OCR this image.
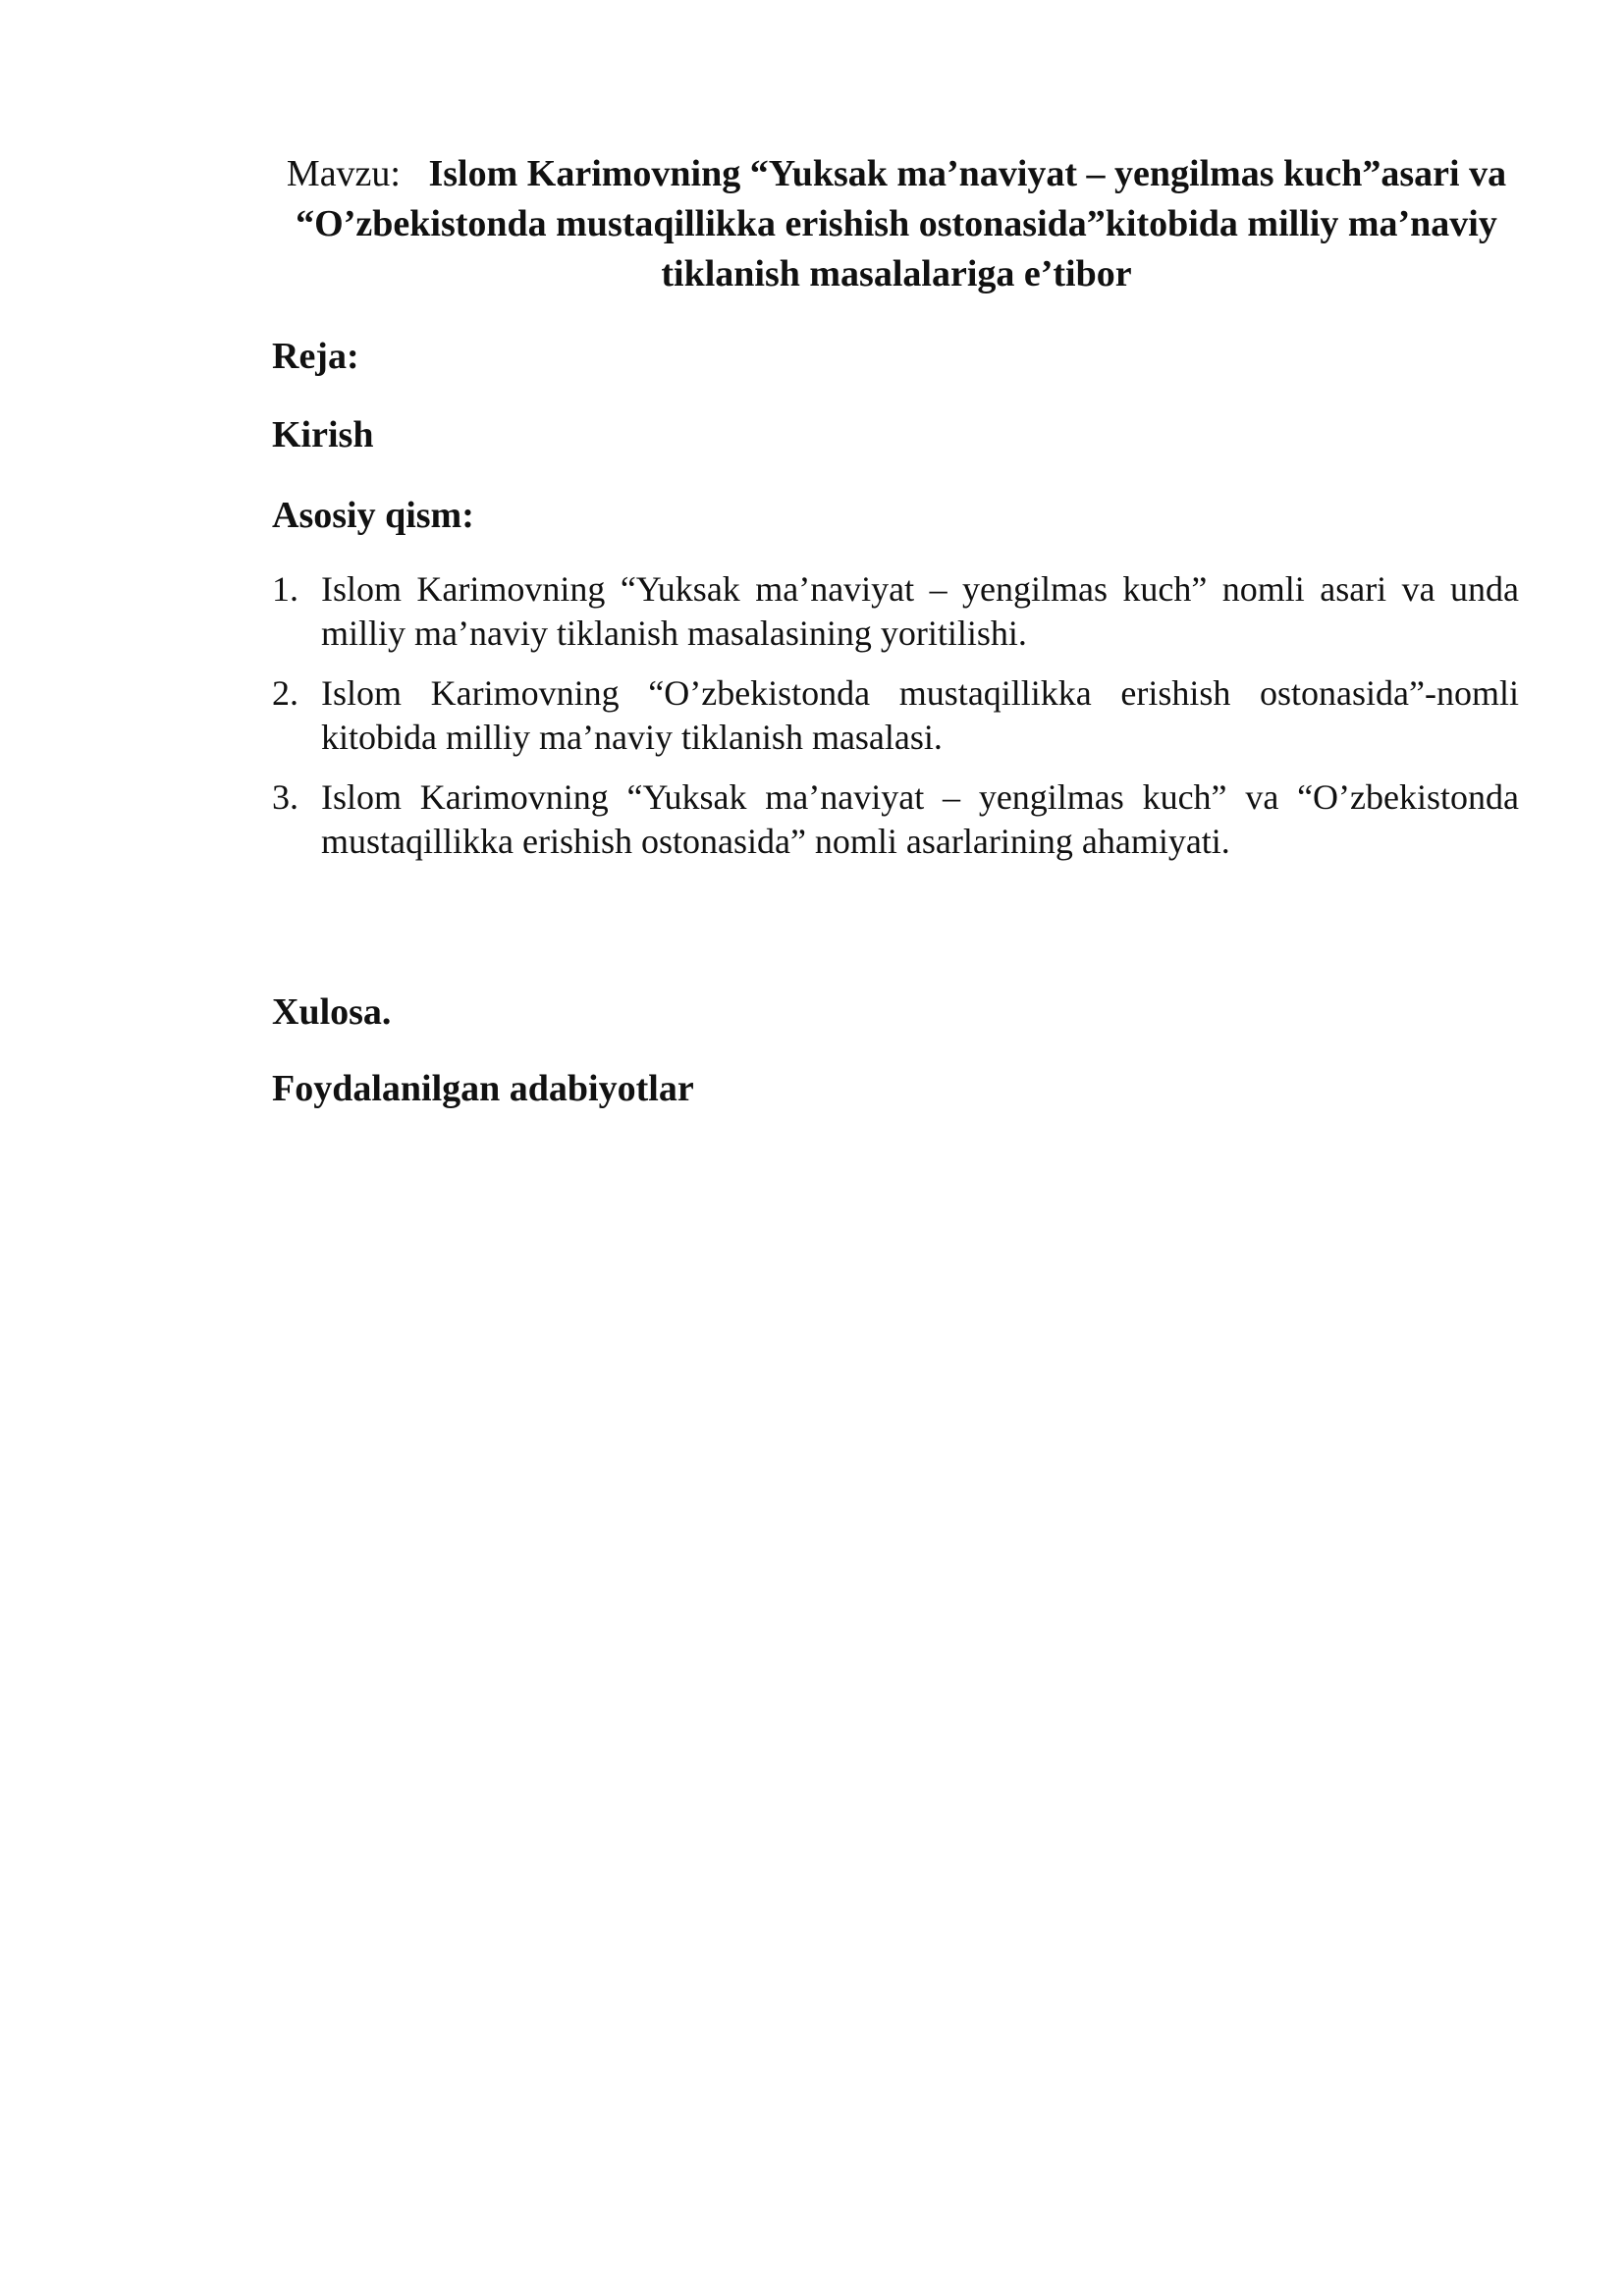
Mavzu: Islom Karimovning “Yuksak ma’naviyat – yengilmas kuch”asari va “O’zbekistonda mustaqillikka erishish ostonasida”kitobida milliy ma’naviy tiklanish masalalariga e’tibor

Reja:

Kirish

Asosiy qism:

1. Islom Karimovning “Yuksak ma’naviyat – yengilmas kuch” nomli asari va unda milliy ma’naviy tiklanish masalasining yoritilishi.
2. Islom Karimovning “O’zbekistonda mustaqillikka erishish ostonasida”-nomli kitobida milliy ma’naviy tiklanish masalasi.
3. Islom Karimovning “Yuksak ma’naviyat – yengilmas kuch” va “O’zbekistonda mustaqillikka erishish ostonasida” nomli asarlarining ahamiyati.

Xulosa.

Foydalanilgan adabiyotlar
